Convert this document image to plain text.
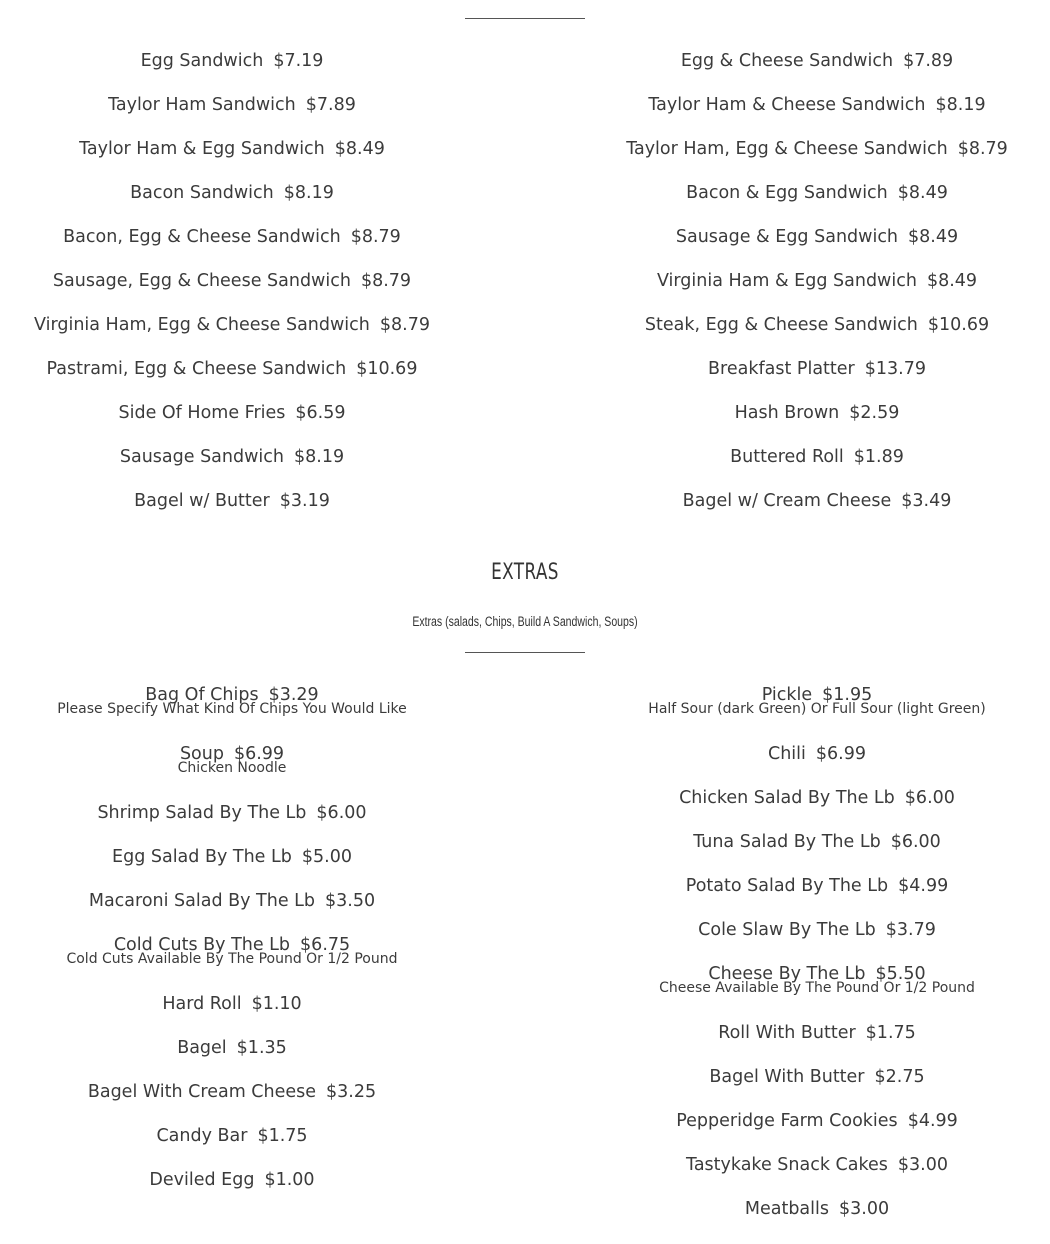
Egg Sandwich $7.19
Taylor Ham Sandwich $7.89
Taylor Ham & Egg Sandwich $8.49
Bacon Sandwich $8.19
Bacon, Egg & Cheese Sandwich $8.79
Sausage, Egg & Cheese Sandwich $8.79
Virginia Ham, Egg & Cheese Sandwich $8.79
Pastrami, Egg & Cheese Sandwich $10.69
Side Of Home Fries $6.59
Sausage Sandwich $8.19
Bagel w/ Butter $3.19
Egg & Cheese Sandwich $7.89
Taylor Ham & Cheese Sandwich $8.19
Taylor Ham, Egg & Cheese Sandwich $8.79
Bacon & Egg Sandwich $8.49
Sausage & Egg Sandwich $8.49
Virginia Ham & Egg Sandwich $8.49
Steak, Egg & Cheese Sandwich $10.69
Breakfast Platter $13.79
Hash Brown $2.59
Buttered Roll $1.89
Bagel w/ Cream Cheese $3.49
EXTRAS
Extras (salads, Chips, Build A Sandwich, Soups)
Bag Of Chips $3.29
Please Specify What Kind Of Chips You Would Like
Soup $6.99
Chicken Noodle
Shrimp Salad By The Lb $6.00
Egg Salad By The Lb $5.00
Macaroni Salad By The Lb $3.50
Cold Cuts By The Lb $6.75
Cold Cuts Available By The Pound Or 1/2 Pound
Hard Roll $1.10
Bagel $1.35
Bagel With Cream Cheese $3.25
Candy Bar $1.75
Deviled Egg $1.00
Pickle $1.95
Half Sour (dark Green) Or Full Sour (light Green)
Chili $6.99
Chicken Salad By The Lb $6.00
Tuna Salad By The Lb $6.00
Potato Salad By The Lb $4.99
Cole Slaw By The Lb $3.79
Cheese By The Lb $5.50
Cheese Available By The Pound Or 1/2 Pound
Roll With Butter $1.75
Bagel With Butter $2.75
Pepperidge Farm Cookies $4.99
Tastykake Snack Cakes $3.00
Meatballs $3.00
